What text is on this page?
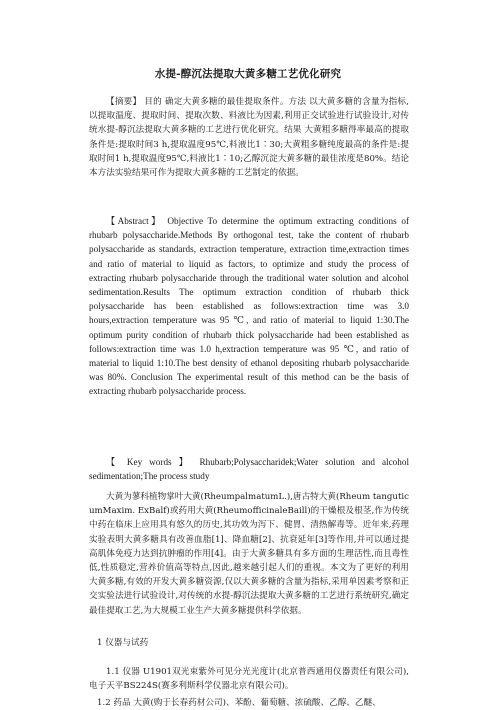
水提-醇沉法提取大黄多糖工艺优化研究
【摘要】 目的 确定大黄多糖的最佳提取条件。方法 以大黄多糖的含量为指标,以提取温度、提取时间、提取次数、料液比为因素,利用正交试验进行试验设计,对传统水提-醇沉法提取大黄多糖的工艺进行优化研究。结果 大黄粗多糖得率最高的提取条件是:提取时间3 h,提取温度95℃,料液比1∶30;大黄粗多糖纯度最高的条件是:提取时间1 h,提取温度95℃,料液比1∶10;乙醇沉淀大黄多糖的最佳浓度是80%。结论 本方法实验结果可作为提取大黄多糖的工艺制定的依据。
【Abstract】 Objective To determine the optimum extracting conditions of rhubarb polysaccharide.Methods By orthogonal test, take the content of rhubarb polysaccharide as standards, extraction temperature, extraction time,extraction times and ratio of material to liquid as factors, to optimize and study the process of extracting rhubarb polysaccharide through the traditional water solution and alcohol sedimentation.Results The optimum extraction condition of rhubarb thick polysaccharide has been established as follows:extraction time was 3.0 hours,extraction temperature was 95 ℃, and ratio of material to liquid 1:30.The optimum purity condition of rhubarb thick polysaccharide had been established as follows:extraction time was 1.0 h,extraction temperature was 95 ℃, and ratio of material to liquid 1:10.The best density of ethanol depositing rhubarb polysaccharide was 80%. Conclusion The experimental result of this method can be the basis of extracting rhubarb polysaccharide process.
【 Key words 】 Rhubarb;Polysaccharidek;Water solution and alcohol sedimentation;The process study
大黄为蓼科植物掌叶大黄(RheumpalmatumL.),唐古特大黄(Rheum tanguticumMaxim. ExBalf)或药用大黄(RheumofficinaleBaill)的干燥根及根茎,作为传统中药在临床上应用具有悠久的历史,其功效为泻下、健胃、清热解毒等。近年来,药理实验表明大黄多糖具有改善血脂[1]、降血糖[2]、抗衰延年[3]等作用,并可以通过提高肌体免疫力达到抗肿瘤的作用[4]。由于大黄多糖具有多方面的生理活性,而且毒性低,性质稳定,营养价值高等特点,因此,越来越引起人们的重视。本文为了更好的利用大黄多糖,有效的开发大黄多糖资源,仅以大黄多糖的含量为指标,采用单因素考察和正交实验法进行试验设计,对传统的水提-醇沉法提取大黄多糖的工艺进行系统研究,确定最佳提取工艺,为大规模工业生产大黄多糖提供科学依据。
1 仪器与试药
1.1 仪器 U1901双光束紫外可见分光光度计(北京普西通用仪器责任有限公司),电子天平BS224S(赛多利斯科学仪器北京有限公司)。
1.2 药品 大黄(购于长春药材公司)、苯酚、葡萄糖、浓硫酸、乙醇、乙醚、
